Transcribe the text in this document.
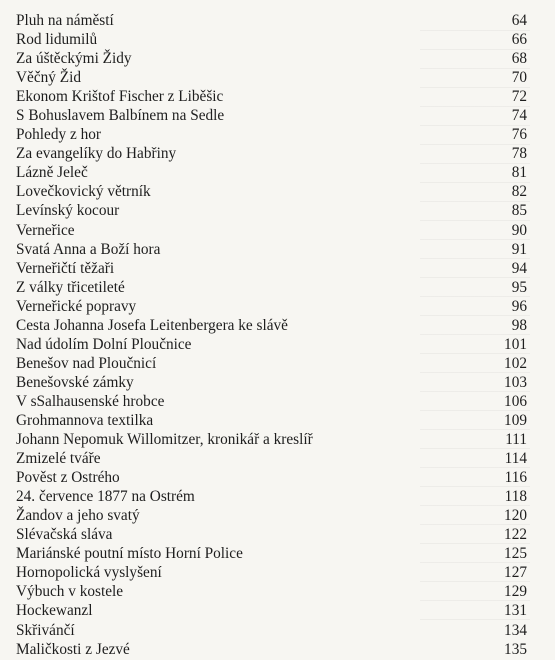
Pluh na náměstí	64
Rod lidumilů	66
Za úštěckými Židy	68
Věčný Žid	70
Ekonom Krištof Fischer z Liběšic	72
S Bohuslavem Balbínem na Sedle	74
Pohledy z hor	76
Za evangelíky do Habřiny	78
Lázně Jeleč	81
Lovečkovický větrník	82
Levínský kocour	85
Verneřice	90
Svatá Anna a Boží hora	91
Verneřičtí těžaři	94
Z války třicetileté	95
Verneřické popravy	96
Cesta Johanna Josefa Leitenbergera ke slávě	98
Nad údolím Dolní Ploučnice	101
Benešov nad Ploučnicí	102
Benešovské zámky	103
V sSalhausenské hrobce	106
Grohmannova textilka	109
Johann Nepomuk Willomitzer, kronikář a kreslíř	111
Zmizelé tváře	114
Pověst z Ostrého	116
24. července 1877 na Ostrém	118
Žandov a jeho svatý	120
Slévačská sláva	122
Mariánské poutní místo Horní Police	125
Hornopolická vyslyšení	127
Výbuch v kostele	129
Hockewanzl	131
Skřivánčí	134
Maličkosti z Jezvé	135
